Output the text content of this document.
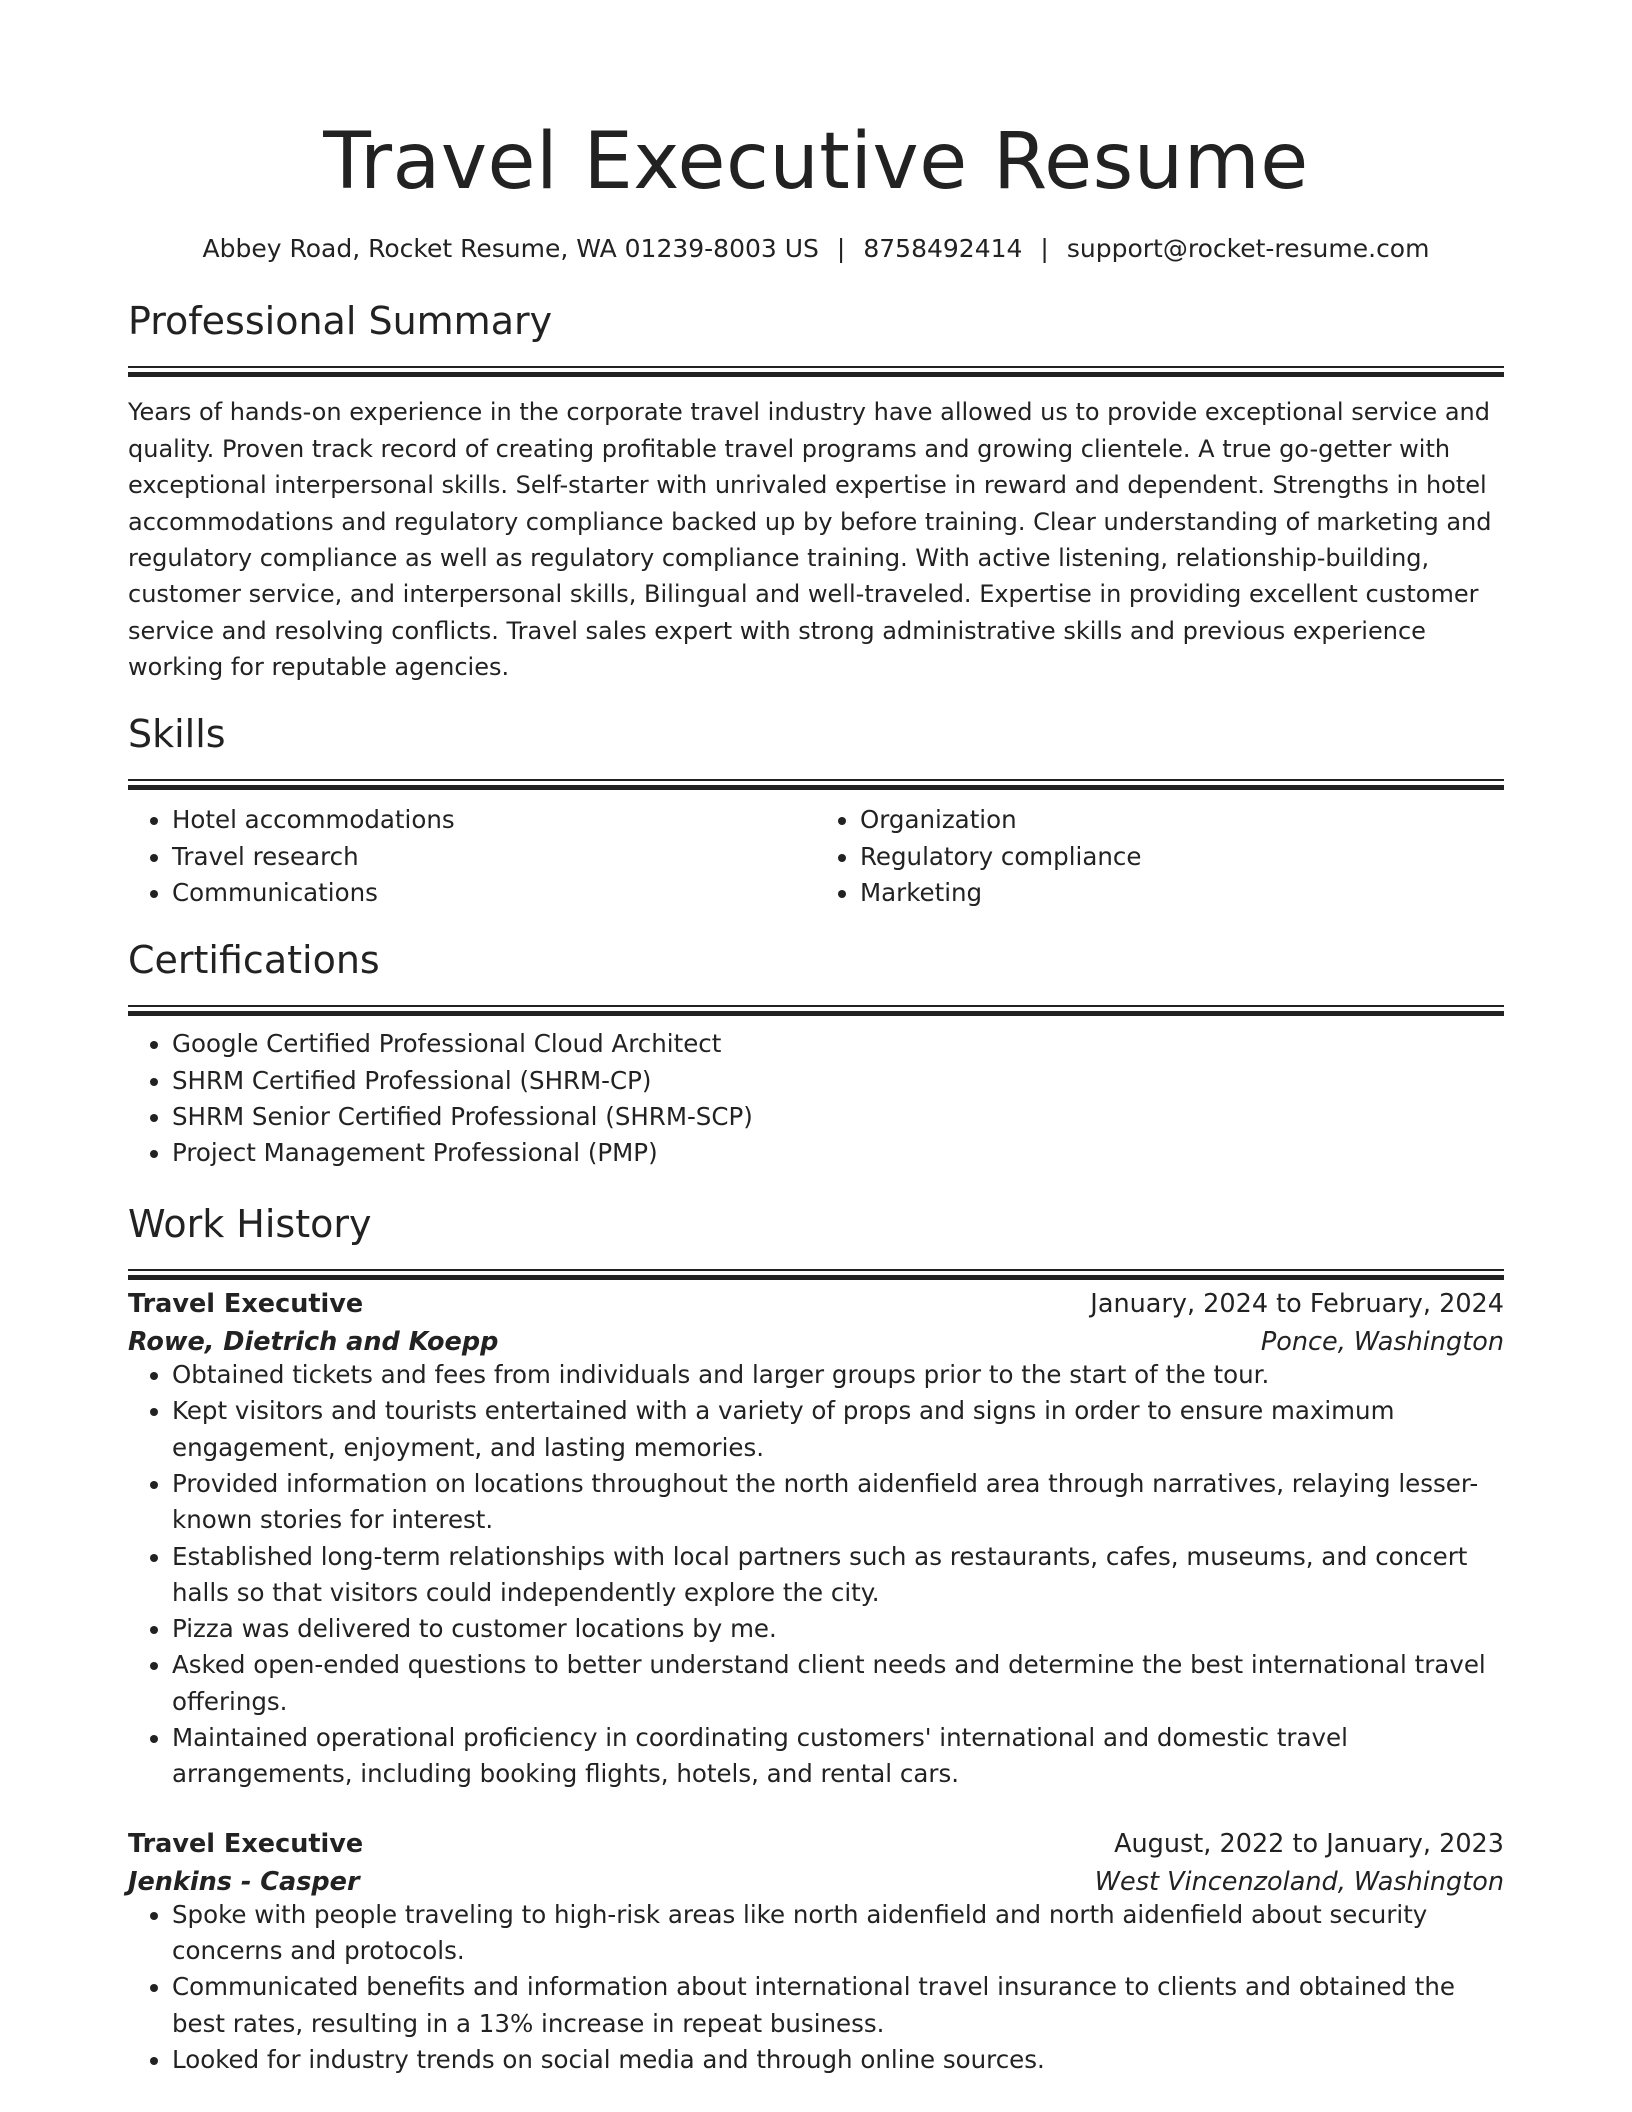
Travel Executive Resume
Abbey Road, Rocket Resume, WA 01239-8003 US | 8758492414 | support@rocket-resume.com
Professional Summary

Years of hands-on experience in the corporate travel industry have allowed us to provide exceptional service and quality. Proven track record of creating profitable travel programs and growing clientele. A true go-getter with exceptional interpersonal skills. Self-starter with unrivaled expertise in reward and dependent. Strengths in hotel accommodations and regulatory compliance backed up by before training. Clear understanding of marketing and regulatory compliance as well as regulatory compliance training. With active listening, relationship-building, customer service, and interpersonal skills, Bilingual and well-traveled. Expertise in providing excellent customer service and resolving conflicts. Travel sales expert with strong administrative skills and previous experience working for reputable agencies.

Skills
• Hotel accommodations
• Travel research
• Communications
• Organization
• Regulatory compliance
• Marketing
Certifications
• Google Certified Professional Cloud Architect
• SHRM Certified Professional (SHRM-CP)
• SHRM Senior Certified Professional (SHRM-SCP)
• Project Management Professional (PMP)
Work History
Travel Executive	January, 2024 to February, 2024
Rowe, Dietrich and Koepp	Ponce, Washington
• Obtained tickets and fees from individuals and larger groups prior to the start of the tour.
• Kept visitors and tourists entertained with a variety of props and signs in order to ensure maximum engagement, enjoyment, and lasting memories.
• Provided information on locations throughout the north aidenfield area through narratives, relaying lesser-known stories for interest.
• Established long-term relationships with local partners such as restaurants, cafes, museums, and concert halls so that visitors could independently explore the city.
• Pizza was delivered to customer locations by me.
• Asked open-ended questions to better understand client needs and determine the best international travel offerings.
• Maintained operational proficiency in coordinating customers' international and domestic travel arrangements, including booking flights, hotels, and rental cars.
Travel Executive	August, 2022 to January, 2023
Jenkins - Casper	West Vincenzoland, Washington
• Spoke with people traveling to high-risk areas like north aidenfield and north aidenfield about security concerns and protocols.
• Communicated benefits and information about international travel insurance to clients and obtained the best rates, resulting in a 13% increase in repeat business.
• Looked for industry trends on social media and through online sources.
